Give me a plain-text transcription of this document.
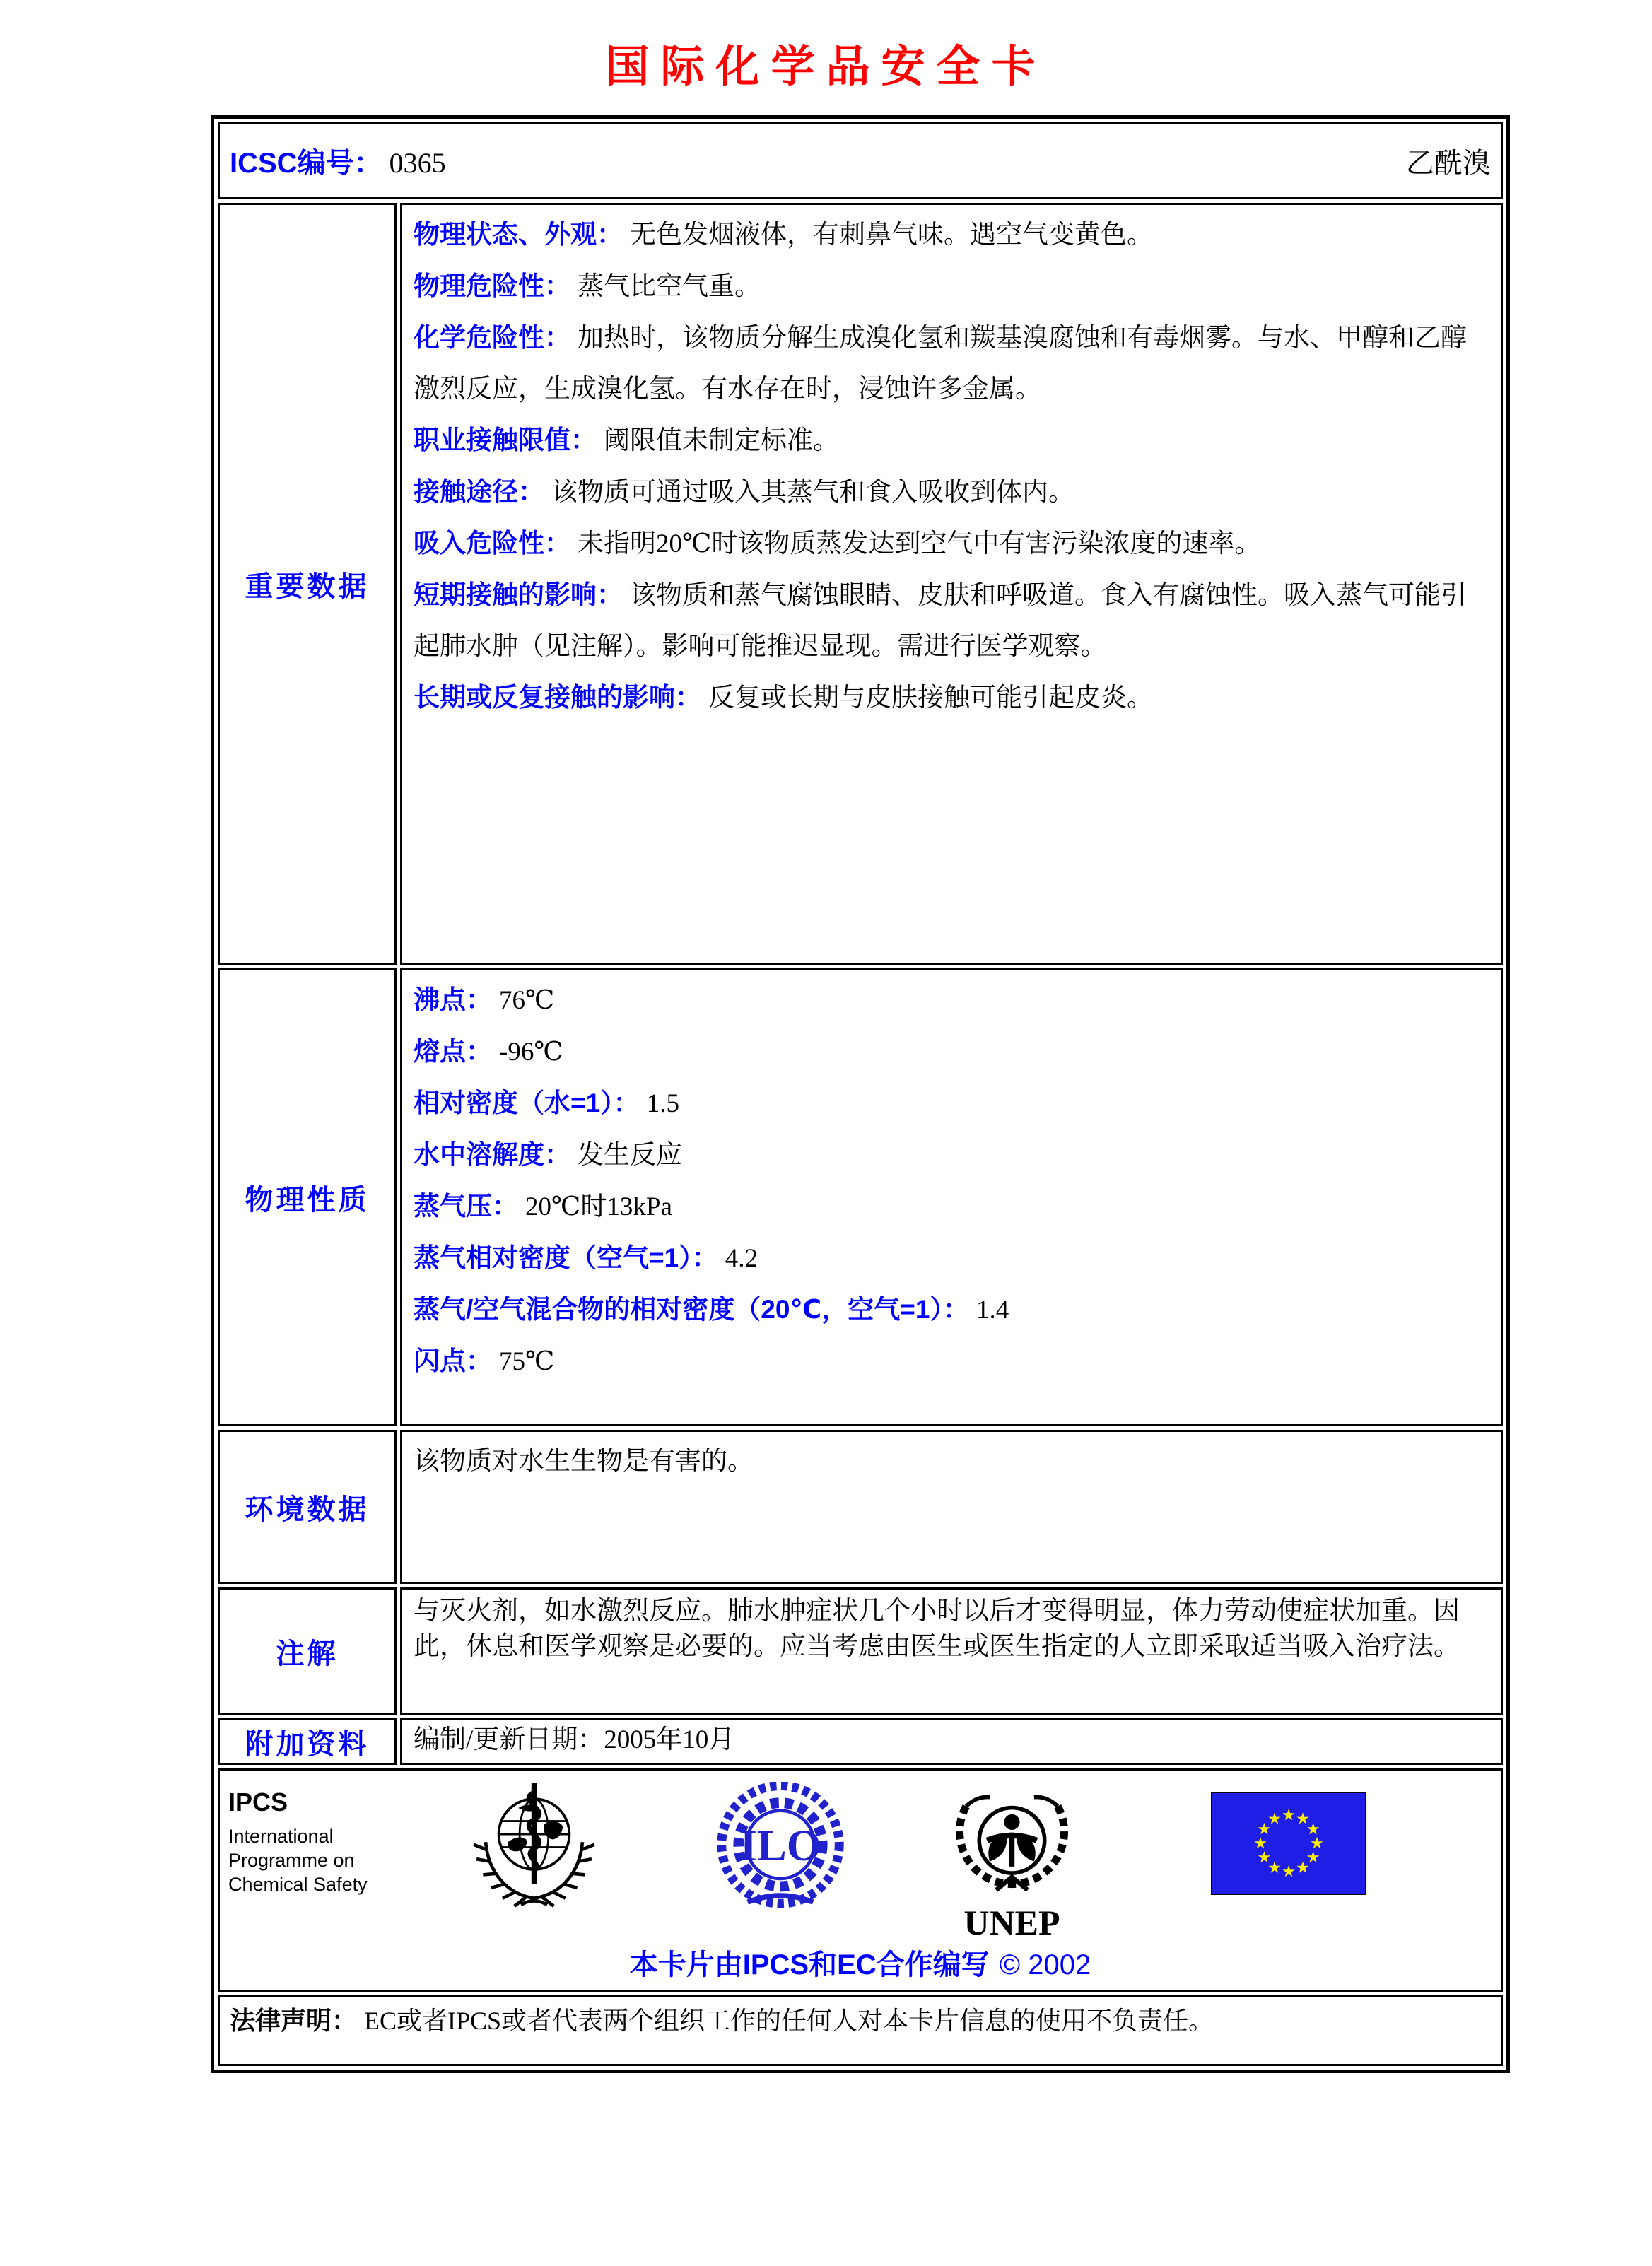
国际化学品安全卡
乙酰溴
ICSC编号： 0365	
重要数据	
物理状态、外观： 无色发烟液体，有刺鼻气味。遇空气变黄色。
物理危险性： 蒸气比空气重。
化学危险性： 加热时，该物质分解生成溴化氢和羰基溴腐蚀和有毒烟雾。与水、甲醇和乙醇激烈反应，生成溴化氢。有水存在时，浸蚀许多金属。
职业接触限值： 阈限值未制定标准。
接触途径： 该物质可通过吸入其蒸气和食入吸收到体内。
吸入危险性： 未指明20℃时该物质蒸发达到空气中有害污染浓度的速率。
短期接触的影响： 该物质和蒸气腐蚀眼睛、皮肤和呼吸道。食入有腐蚀性。吸入蒸气可能引起肺水肿（见注解）。影响可能推迟显现。需进行医学观察。
长期或反复接触的影响： 反复或长期与皮肤接触可能引起皮炎。

物理性质	
沸点： 76℃
熔点： -96℃
相对密度（水=1）： 1.5
水中溶解度： 发生反应
蒸气压： 20℃时13kPa
蒸气相对密度（空气=1）： 4.2
蒸气/空气混合物的相对密度（20℃，空气=1）： 1.4
闪点： 75℃

环境数据	该物质对水生生物是有害的。
注解	与灭火剂，如水激烈反应。肺水肿症状几个小时以后才变得明显，体力劳动使症状加重。因此，休息和医学观察是必要的。应当考虑由医生或医生指定的人立即采取适当吸入治疗法。
附加资料	编制/更新日期：2005年10月

IPCS
International
Programme on
Chemical Safety
ILO
UNEP
本卡片由IPCS和EC合作编写 © 2002

法律声明： EC或者IPCS或者代表两个组织工作的任何人对本卡片信息的使用不负责任。	
